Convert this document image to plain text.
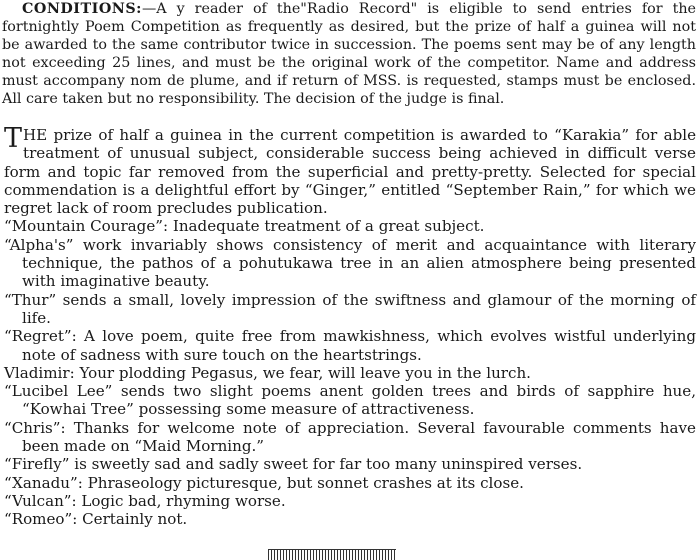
CONDITIONS:—A y reader of the"Radio Record" is eligible to send entries for the fortnightly Poem Competition as frequently as desired, but the prize of half a guinea will not be awarded to the same contributor twice in succession. The poems sent may be of any length not exceeding 25 lines, and must be the original work of the competitor. Name and address must accompany nom de plume, and if return of MSS. is requested, stamps must be enclosed. All care taken but no responsibility. The decision of the judge is final.

THE prize of half a guinea in the current competition is awarded to “Karakia” for able treatment of unusual subject, considerable success being achieved in difficult verse form and topic far removed from the superficial and pretty-pretty. Selected for special commendation is a delightful effort by “Ginger,” entitled “September Rain,” for which we regret lack of room precludes publication.

“Mountain Courage”: Inadequate treatment of a great subject.

“Alpha's” work invariably shows consistency of merit and acquaintance with literary technique, the pathos of a pohutukawa tree in an alien atmosphere being presented with imaginative beauty.

“Thur” sends a small, lovely impression of the swiftness and glamour of the morning of life.

“Regret”: A love poem, quite free from mawkishness, which evolves wistful underlying note of sadness with sure touch on the heartstrings.

Vladimir: Your plodding Pegasus, we fear, will leave you in the lurch.

“Lucibel Lee” sends two slight poems anent golden trees and birds of sapphire hue, “Kowhai Tree” possessing some measure of attractiveness.

“Chris”: Thanks for welcome note of appreciation. Several favourable comments have been made on “Maid Morning.”

“Firefly” is sweetly sad and sadly sweet for far too many uninspired verses.

“Xanadu”: Phraseology picturesque, but sonnet crashes at its close.

“Vulcan”: Logic bad, rhyming worse.

“Romeo”: Certainly not.
